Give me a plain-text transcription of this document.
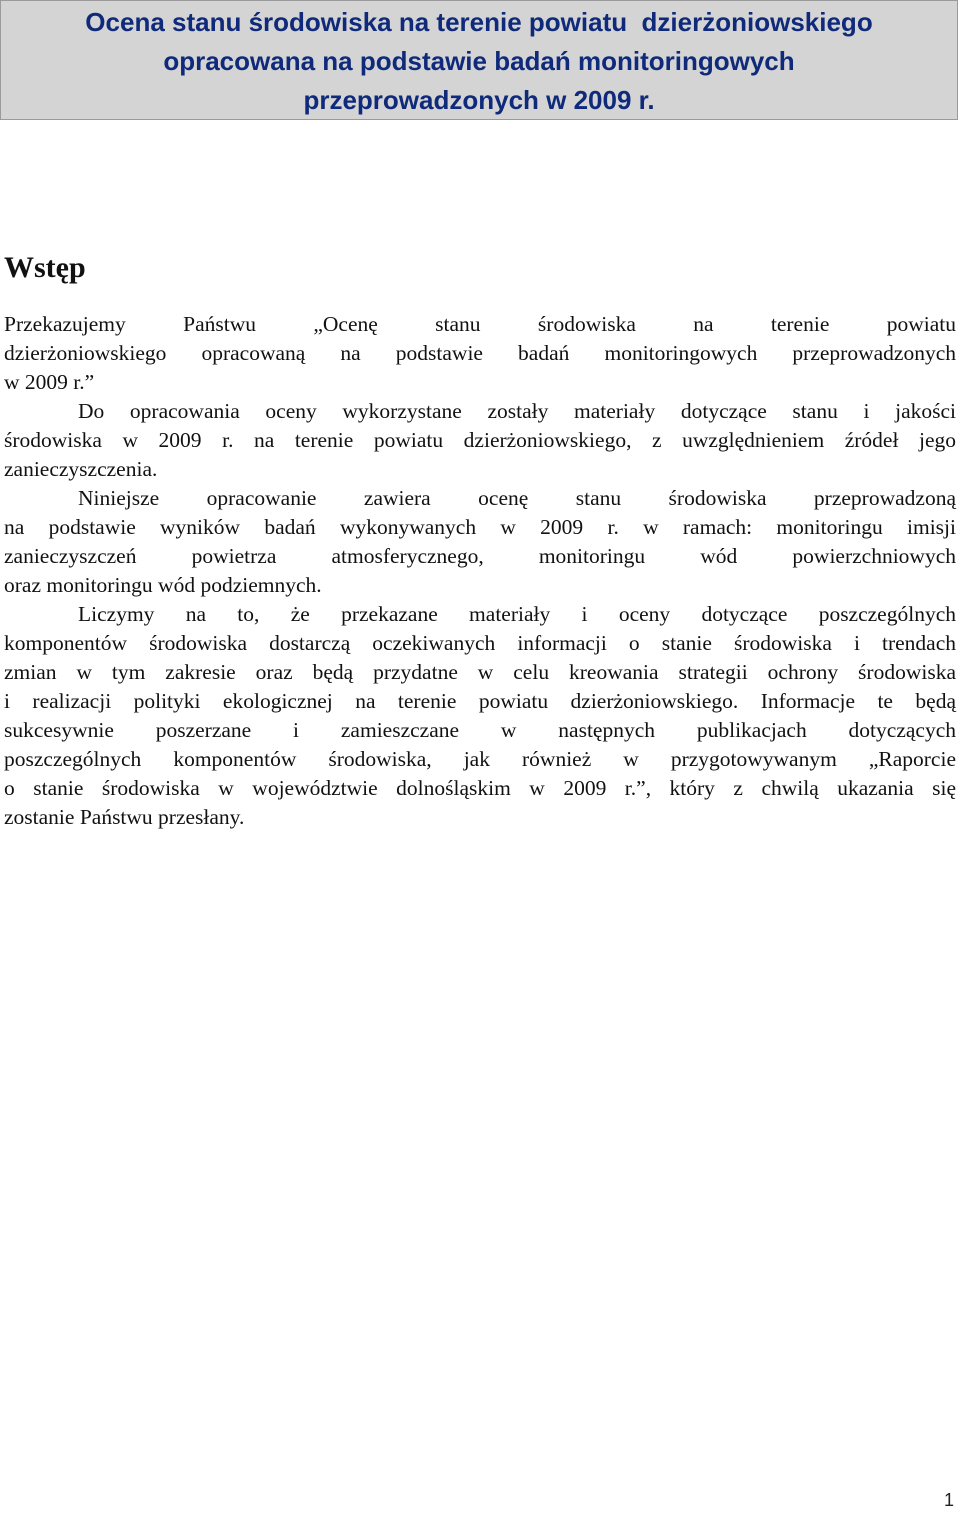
Ocena stanu środowiska na terenie powiatu  dzierżoniowskiego
opracowana na podstawie badań monitoringowych
przeprowadzonych w 2009 r.
Wstęp
Przekazujemy Państwu „Ocenę stanu środowiska na terenie powiatu
dzierżoniowskiego opracowaną na podstawie badań monitoringowych przeprowadzonych
w 2009 r.”
Do opracowania oceny wykorzystane zostały materiały dotyczące stanu i jakości
środowiska w 2009 r. na terenie powiatu dzierżoniowskiego, z uwzględnieniem źródeł jego
zanieczyszczenia.
Niniejsze opracowanie zawiera ocenę stanu środowiska przeprowadzoną
na podstawie wyników badań wykonywanych w 2009 r. w ramach: monitoringu imisji
zanieczyszczeń powietrza atmosferycznego, monitoringu wód powierzchniowych
oraz monitoringu wód podziemnych.
Liczymy na to, że przekazane materiały i oceny dotyczące poszczególnych
komponentów środowiska dostarczą oczekiwanych informacji o stanie środowiska i trendach
zmian w tym zakresie oraz będą przydatne w celu kreowania strategii ochrony środowiska
i realizacji polityki ekologicznej na terenie powiatu dzierżoniowskiego. Informacje te będą
sukcesywnie poszerzane i zamieszczane w następnych publikacjach dotyczących
poszczególnych komponentów środowiska, jak również w przygotowywanym „Raporcie
o stanie środowiska w województwie dolnośląskim w 2009 r.”, który z chwilą ukazania się
zostanie Państwu przesłany.
1
